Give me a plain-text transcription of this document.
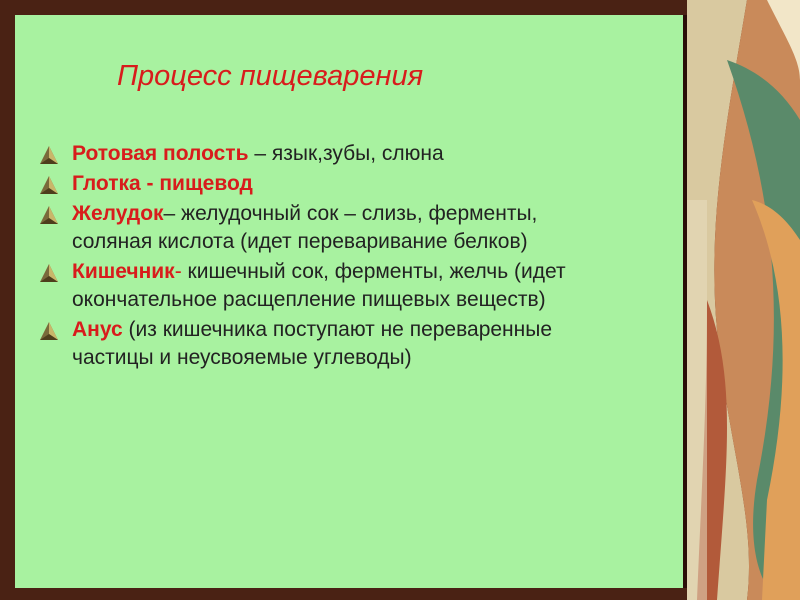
Процесс пищеварения
Ротовая полость – язык,зубы, слюна
Глотка - пищевод
Желудок– желудочный сок – слизь, ферменты,
соляная кислота (идет переваривание белков)
Кишечник- кишечный сок, ферменты, желчь (идет
окончательное расщепление пищевых веществ)
Анус (из кишечника поступают не переваренные
частицы и неусвояемые углеводы)
